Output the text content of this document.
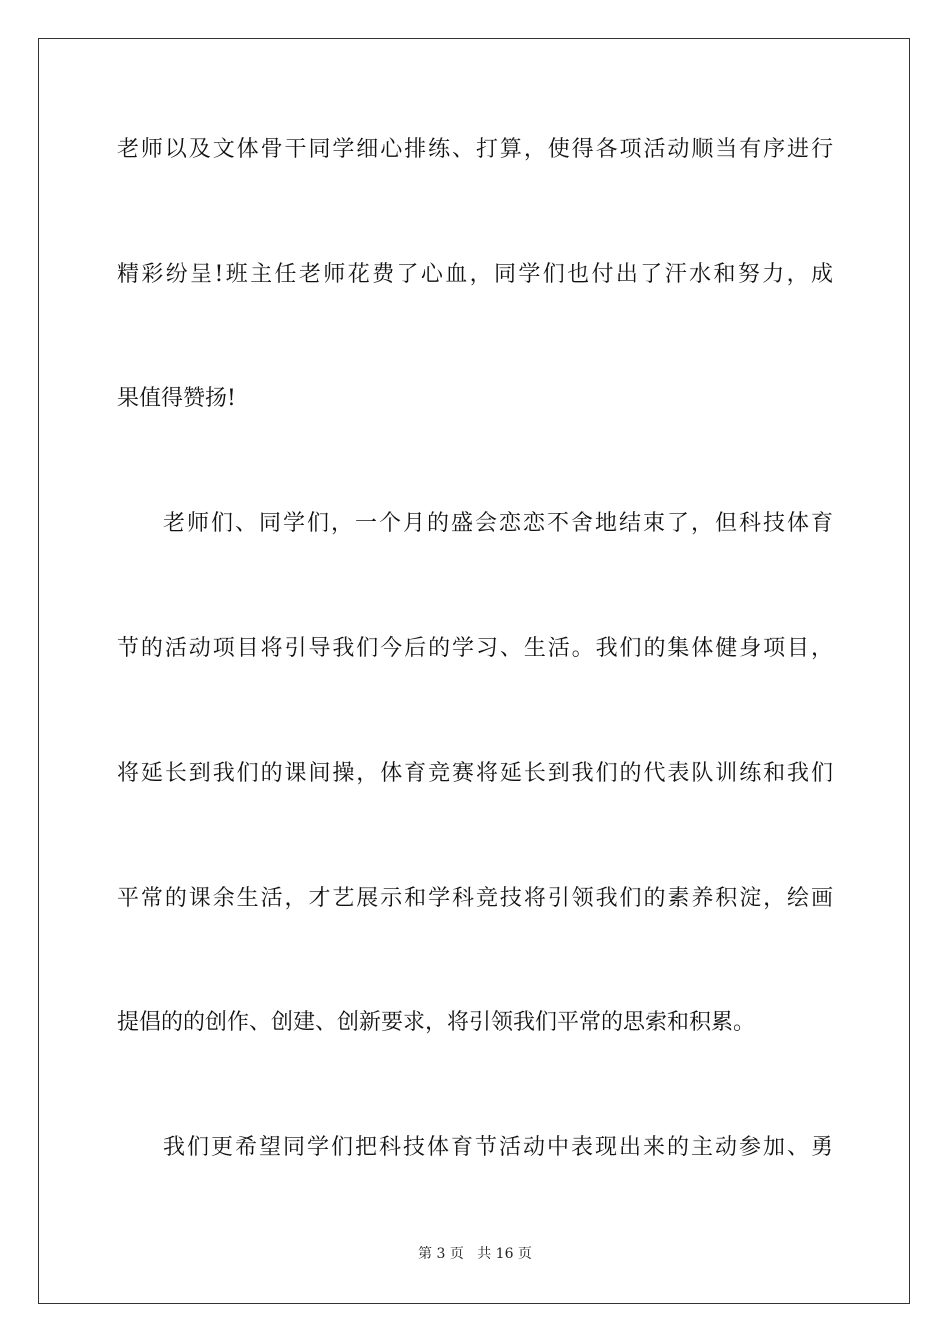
老师以及文体骨干同学细心排练、打算，使得各项活动顺当有序进行
精彩纷呈!班主任老师花费了心血，同学们也付出了汗水和努力，成
果值得赞扬!
老师们、同学们，一个月的盛会恋恋不舍地结束了，但科技体育
节的活动项目将引导我们今后的学习、生活。我们的集体健身项目，
将延长到我们的课间操，体育竞赛将延长到我们的代表队训练和我们
平常的课余生活，才艺展示和学科竞技将引领我们的素养积淀，绘画
提倡的的创作、创建、创新要求，将引领我们平常的思索和积累。
我们更希望同学们把科技体育节活动中表现出来的主动参加、勇
第 3 页 共 16 页
